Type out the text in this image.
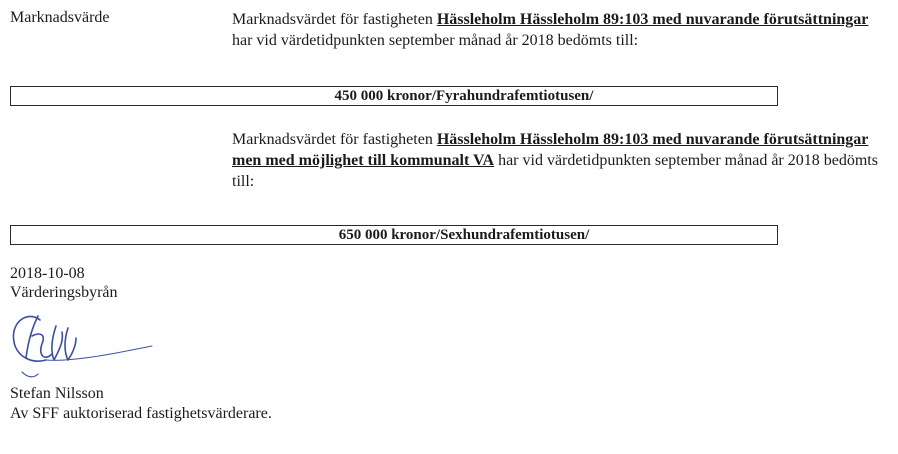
Marknadsvärde	Marknadsvärdet för fastigheten Hässleholm Hässleholm 89:103 med nuvarande förutsättningar har vid värdetidpunkten september månad år 2018 bedömts till:
450 000 kronor/Fyrahundrafemtiotusen/
Marknadsvärdet för fastigheten Hässleholm Hässleholm 89:103 med nuvarande förutsättningar men med möjlighet till kommunalt VA har vid värdetidpunkten september månad år 2018 bedömts till:
650 000 kronor/Sexhundrafemtiotusen/
2018-10-08
Värderingsbyrån
Stefan Nilsson
Av SFF auktoriserad fastighetsvärderare.
